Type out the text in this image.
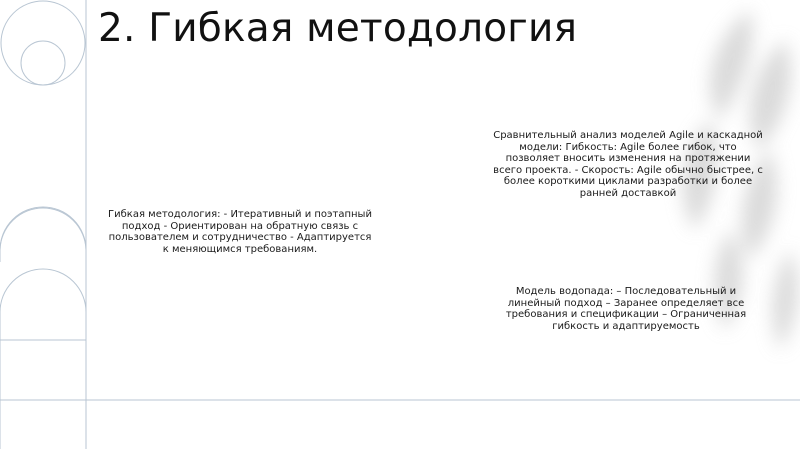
2. Гибкая методология

Гибкая методология: - Итеративный и поэтапный подход - Ориентирован на обратную связь с пользователем и сотрудничество - Адаптируется к меняющимся требованиям.

Сравнительный анализ моделей Agile и каскадной модели: Гибкость: Agile более гибок, что позволяет вносить изменения на протяжении всего проекта. - Скорость: Agile обычно быстрее, с более короткими циклами разработки и более ранней доставкой

Модель водопада: – Последовательный и линейный подход – Заранее определяет все требования и спецификации – Ограниченная гибкость и адаптируемость
